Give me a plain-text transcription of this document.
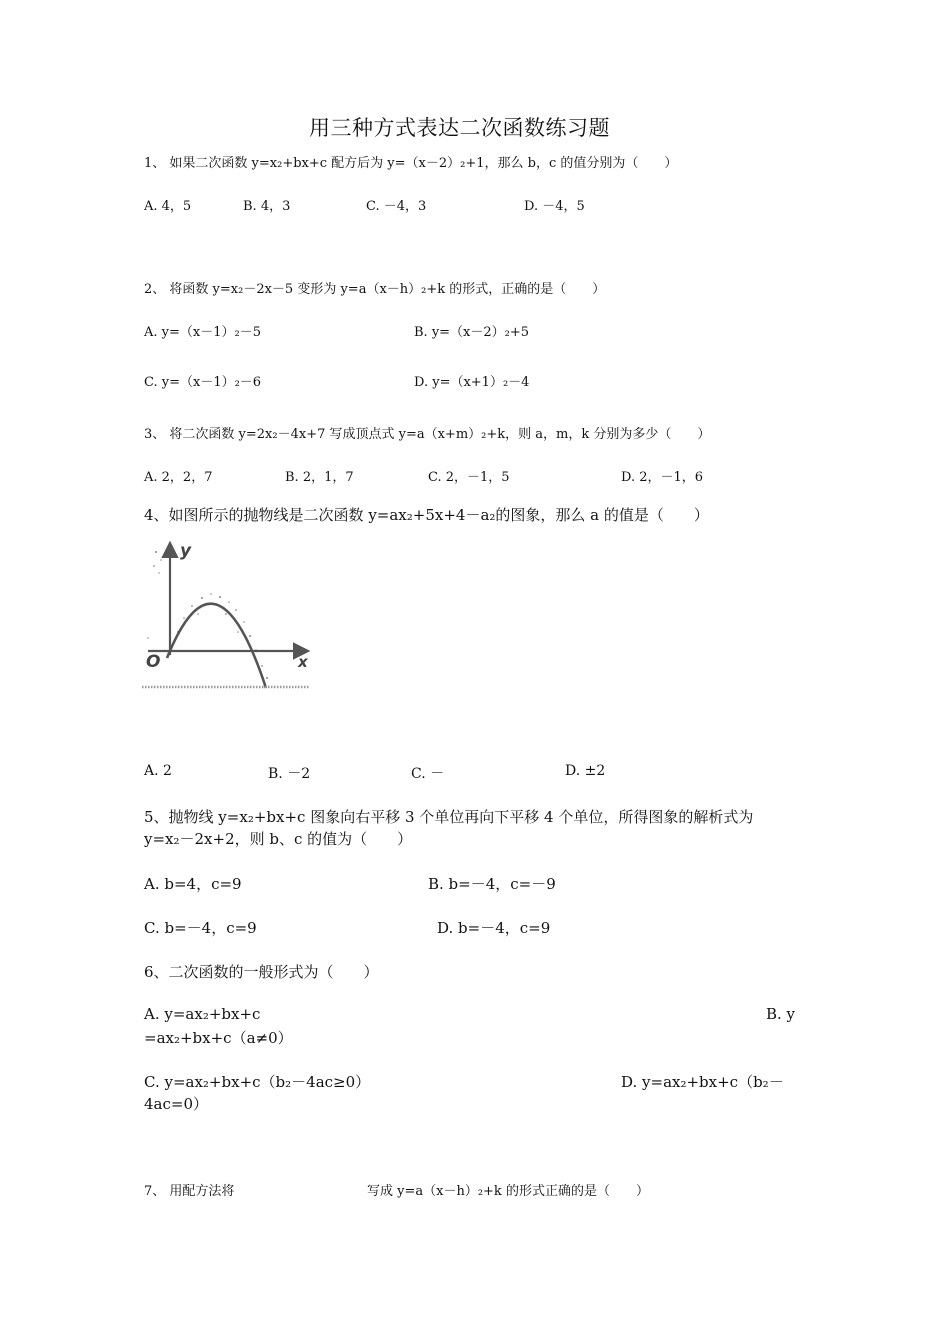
用三种方式表达二次函数练习题
1、 如果二次函数 y=x₂+bx+c 配方后为 y=（x－2）₂+1，那么 b，c 的值分别为（　　）
A. 4，5	B. 4，3	C. －4，3	D. －4，5
2、 将函数 y=x₂－2x－5 变形为 y=a（x－h）₂+k 的形式，正确的是（　　）
A. y=（x－1）₂－5	B. y=（x－2）₂+5
C. y=（x－1）₂－6	D. y=（x+1）₂－4
3、 将二次函数 y=2x₂－4x+7 写成顶点式 y=a（x+m）₂+k，则 a，m，k 分别为多少（　　）
A. 2，2，7	B. 2，1，7	C. 2，－1，5	D. 2，－1，6
4、如图所示的抛物线是二次函数 y=ax₂+5x+4－a₂的图象，那么 a 的值是（　　）
y
x
O
A. 2	B. －2	C. －	D. ±2
5、抛物线 y=x₂+bx+c 图象向右平移 3 个单位再向下平移 4 个单位，所得图象的解析式为
y=x₂－2x+2，则 b、c 的值为（　　）
A. b=4，c=9	B. b=－4，c=－9
C. b=－4，c=9	D. b=－4，c=9
6、二次函数的一般形式为（　　）
A. y=ax₂+bx+c	B. y
=ax₂+bx+c（a≠0）
C. y=ax₂+bx+c（b₂－4ac≥0）	D. y=ax₂+bx+c（b₂－
4ac=0）
7、 用配方法将	写成 y=a（x－h）₂+k 的形式正确的是（　　）
